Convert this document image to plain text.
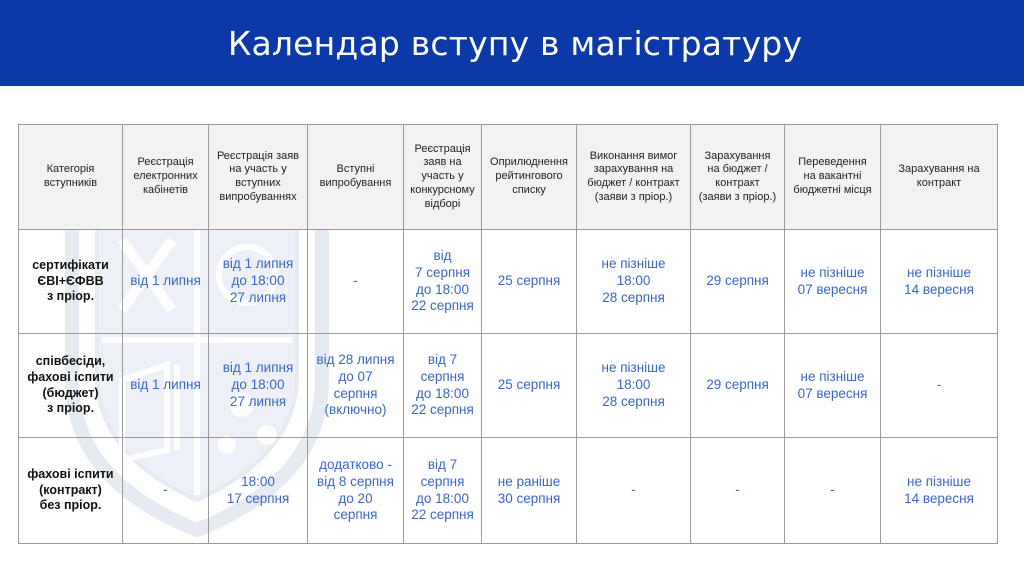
Календар вступу в магістратуру
Категорія
вступників	Реєстрація
електронних
кабінетів	Реєстрація заяв
на участь у
вступних
випробуваннях	Вступні
випробування	Реєстрація
заяв на
участь у
конкурсному
відборі	Оприлюднення
рейтингового
списку	Виконання вимог
зарахування на
бюджет / контракт
(заяви з пріор.)	Зарахування
на бюджет /
контракт
(заяви з пріор.)	Переведення
на вакантні
бюджетні місця	Зарахування на
контракт
сертифікати
ЄВІ+ЄФВВ
з пріор.	від 1 липня	від 1 липня
до 18:00
27 липня	-	від
7 серпня
до 18:00
22 серпня	25 серпня	не пізніше
18:00
28 серпня	29 серпня	не пізніше
07 вересня	не пізніше
14 вересня
співбесіди,
фахові іспити
(бюджет)
з пріор.	від 1 липня	від 1 липня
до 18:00
27 липня	від 28 липня
до 07
серпня
(включно)	від 7
серпня
до 18:00
22 серпня	25 серпня	не пізніше
18:00
28 серпня	29 серпня	не пізніше
07 вересня	-
фахові іспити
(контракт)
без пріор.	-	18:00
17 серпня	додатково -
від 8 серпня
до 20
серпня	від 7
серпня
до 18:00
22 серпня	не раніше
30 серпня	-	-	-	не пізніше
14 вересня
